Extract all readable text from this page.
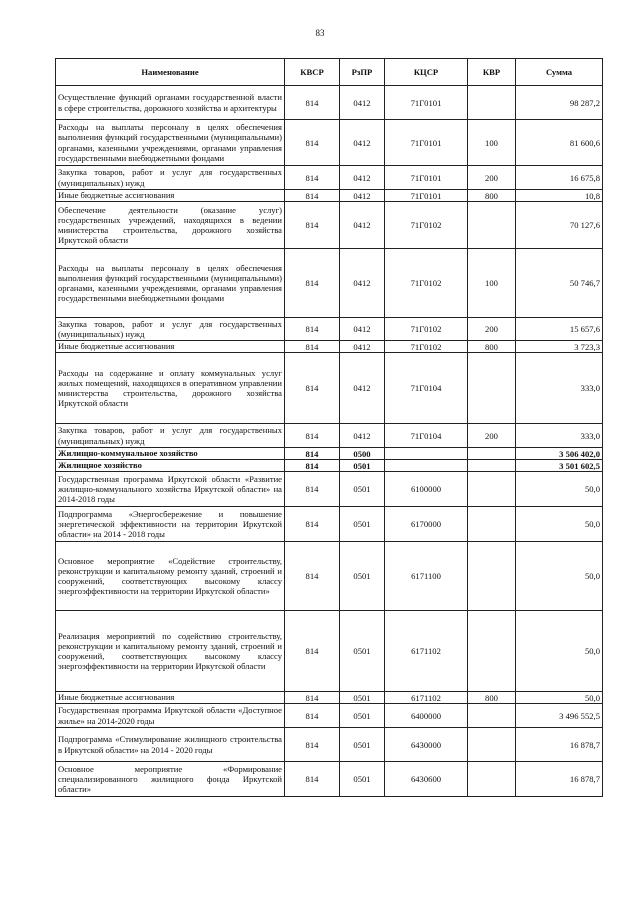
83
Наименование	КВСР	РзПР	КЦСР	КВР	Сумма
Осуществление функций органами государственной власти в сфере строительства, дорожного хозяйства и архитектуры	814	0412	71Г0101		98 287,2
Расходы на выплаты персоналу в целях обеспечения выполнения функций государственными (муниципальными) органами, казенными учреждениями, органами управления государственными внебюджетными фондами	814	0412	71Г0101	100	81 600,6
Закупка товаров, работ и услуг для государственных (муниципальных) нужд	814	0412	71Г0101	200	16 675,8
Иные бюджетные ассигнования	814	0412	71Г0101	800	10,8
Обеспечение деятельности (оказание услуг) государственных учреждений, находящихся в ведении министерства строительства, дорожного хозяйства Иркутской области	814	0412	71Г0102		70 127,6
Расходы на выплаты персоналу в целях обеспечения выполнения функций государственными (муниципальными) органами, казенными учреждениями, органами управления государственными внебюджетными фондами	814	0412	71Г0102	100	50 746,7
Закупка товаров, работ и услуг для государственных (муниципальных) нужд	814	0412	71Г0102	200	15 657,6
Иные бюджетные ассигнования	814	0412	71Г0102	800	3 723,3
Расходы на содержание и оплату коммунальных услуг жилых помещений, находящихся в оперативном управлении министерства строительства, дорожного хозяйства Иркутской области	814	0412	71Г0104		333,0
Закупка товаров, работ и услуг для государственных (муниципальных) нужд	814	0412	71Г0104	200	333,0
Жилищно-коммунальное хозяйство	814	0500			3 506 402,0
Жилищное хозяйство	814	0501			3 501 602,5
Государственная программа Иркутской области «Развитие жилищно-коммунального хозяйства Иркутской области» на 2014-2018 годы	814	0501	6100000		50,0
Подпрограмма «Энергосбережение и повышение энергетической эффективности на территории Иркутской области» на 2014 - 2018 годы	814	0501	6170000		50,0
Основное мероприятие «Содействие строительству, реконструкции и капитальному ремонту зданий, строений и сооружений, соответствующих высокому классу энергоэффективности на территории Иркутской области»	814	0501	6171100		50,0
Реализация мероприятий по содействию строительству, реконструкции и капитальному ремонту зданий, строений и сооружений, соответствующих высокому классу энергоэффективности на территории Иркутской области	814	0501	6171102		50,0
Иные бюджетные ассигнования	814	0501	6171102	800	50,0
Государственная программа Иркутской области «Доступное жилье» на 2014-2020 годы	814	0501	6400000		3 496 552,5
Подпрограмма «Стимулирование жилищного строительства в Иркутской области» на 2014 - 2020 годы	814	0501	6430000		16 878,7
Основное мероприятие «Формирование специализированного жилищного фонда Иркутской области»	814	0501	6430600		16 878,7
